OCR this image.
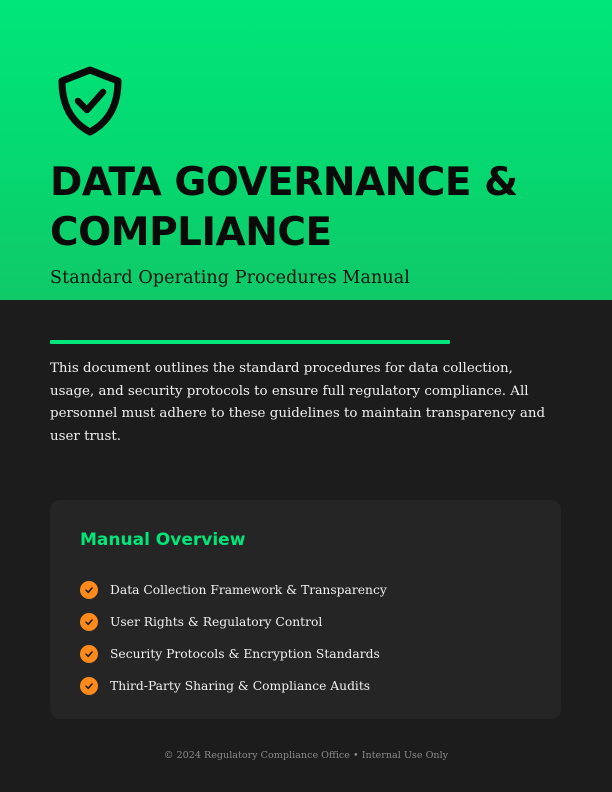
DATA GOVERNANCE &
COMPLIANCE
Standard Operating Procedures Manual

This document outlines the standard procedures for data collection, usage, and security protocols to ensure full regulatory compliance. All personnel must adhere to these guidelines to maintain transparency and user trust.

Manual Overview
Data Collection Framework & Transparency
User Rights & Regulatory Control
Security Protocols & Encryption Standards
Third-Party Sharing & Compliance Audits
© 2024 Regulatory Compliance Office • Internal Use Only
